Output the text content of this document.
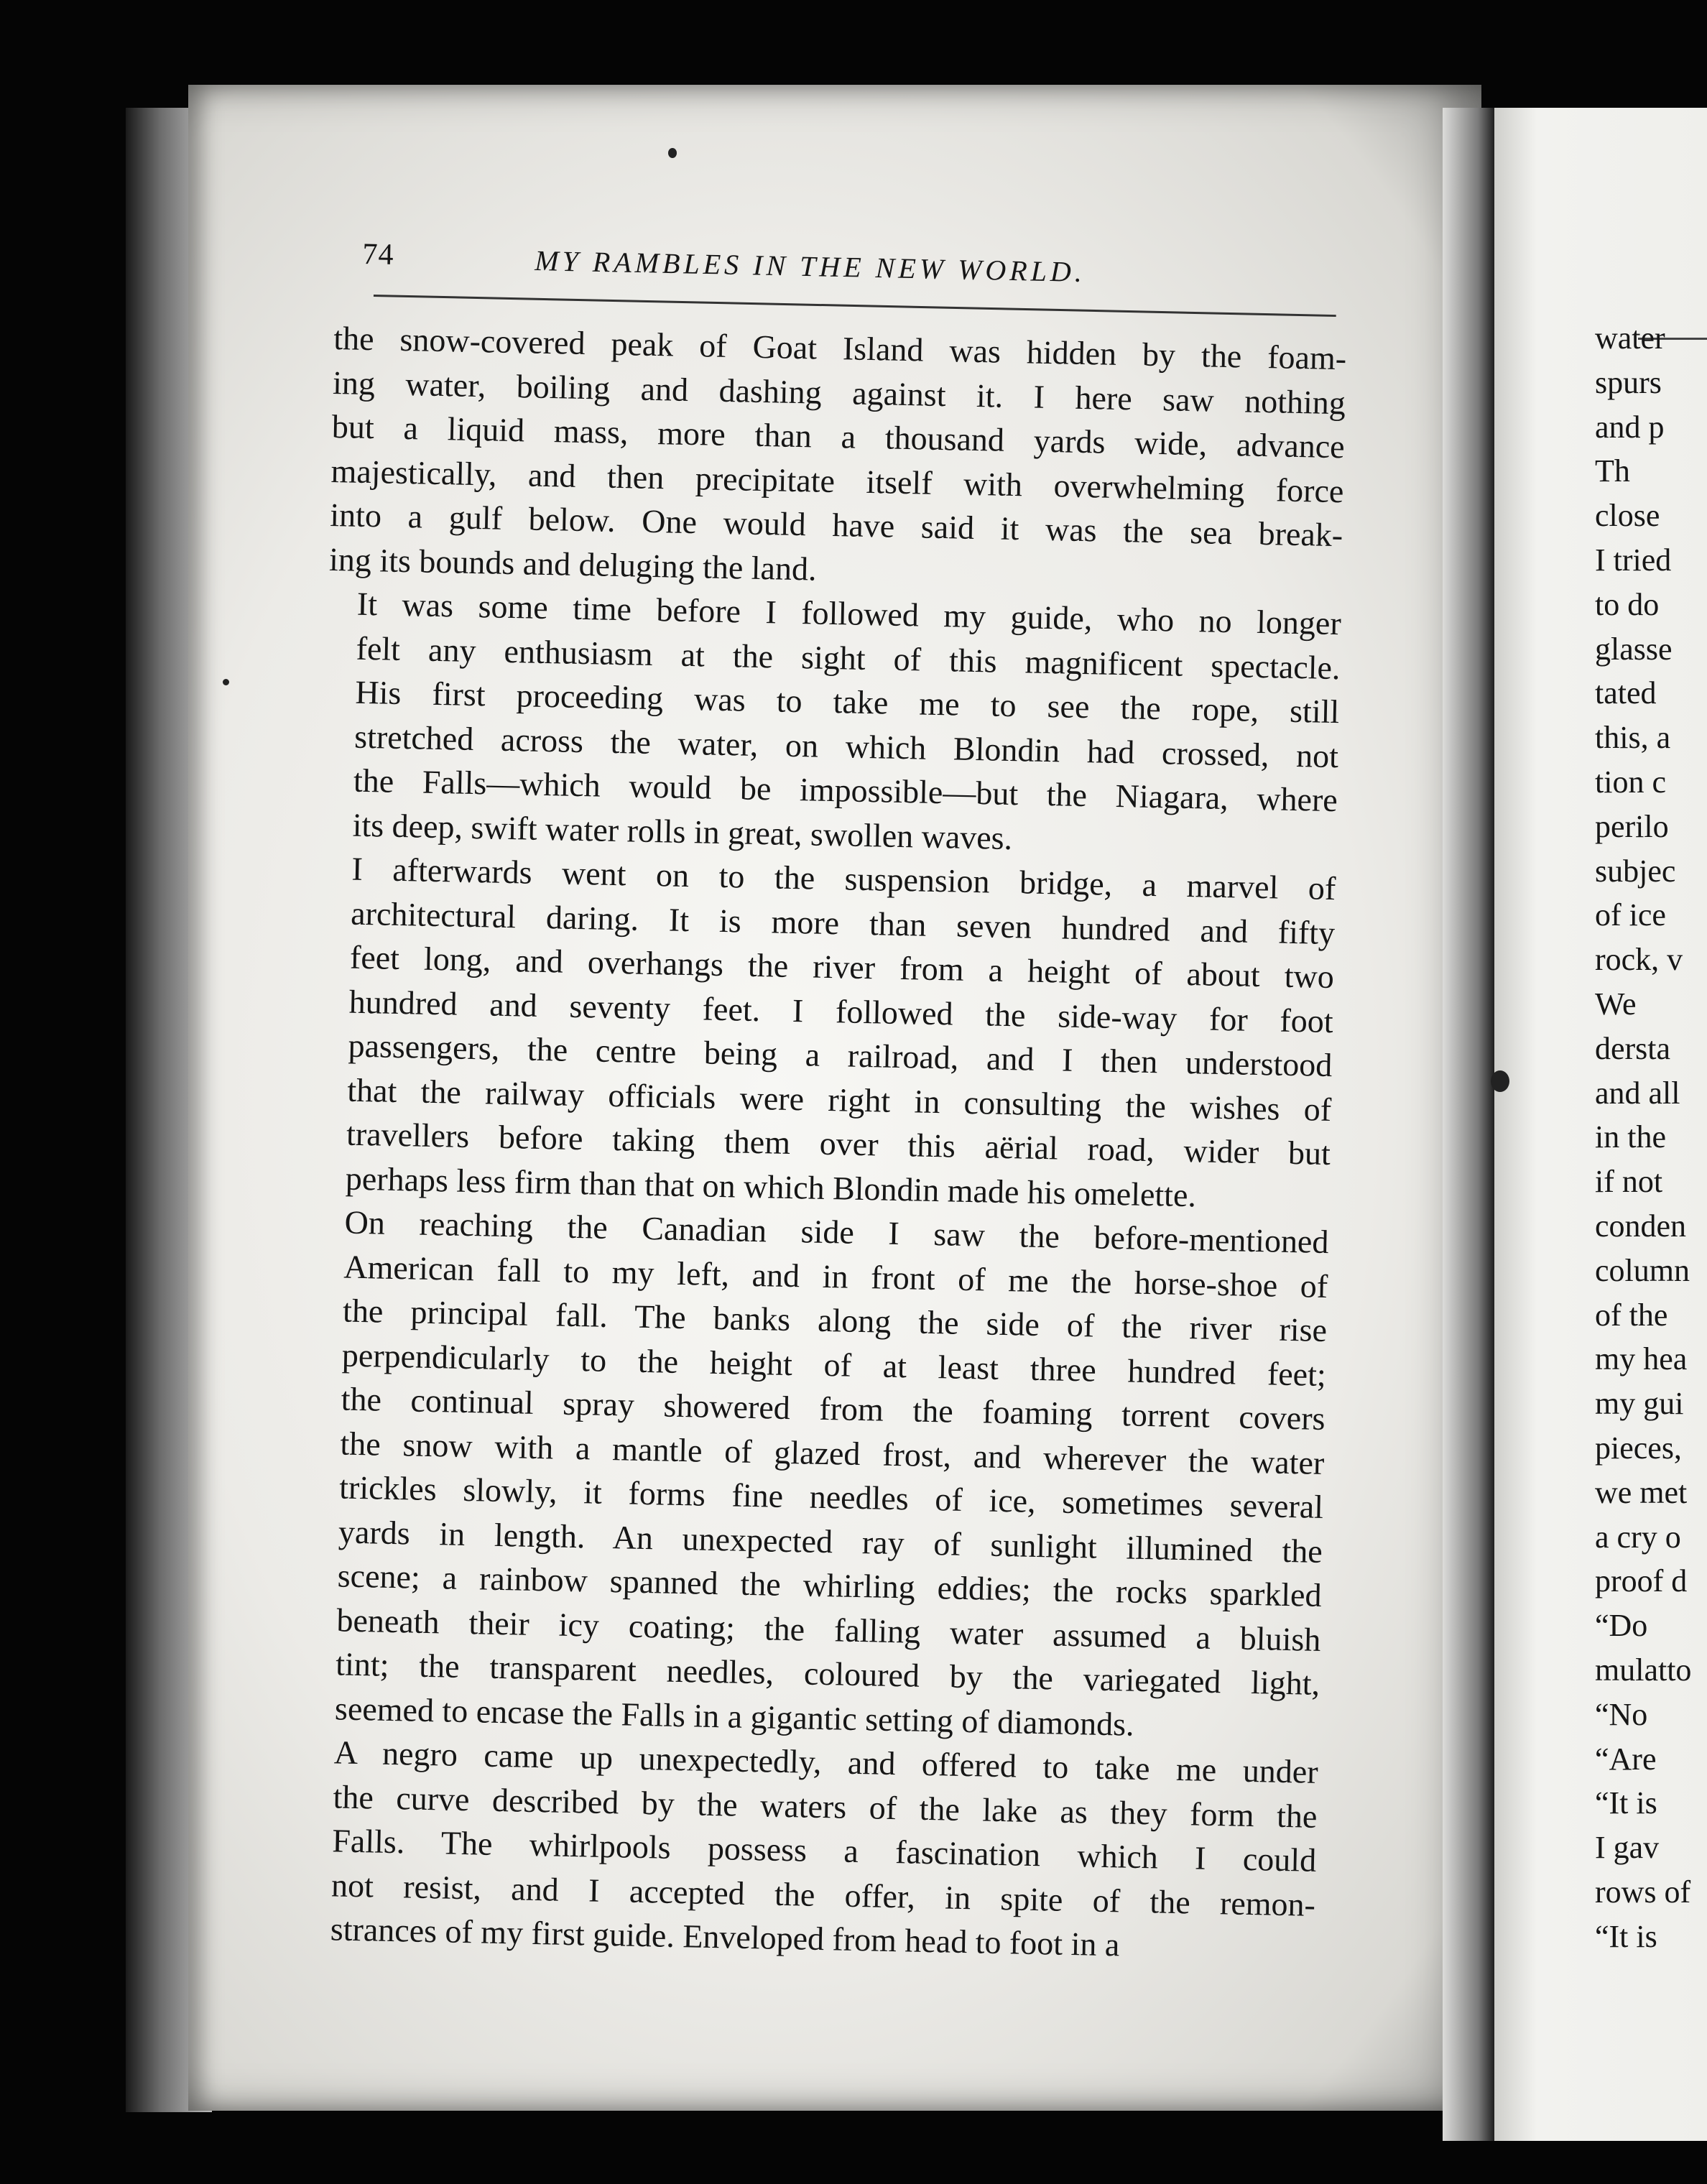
74	MY RAMBLES IN THE NEW WORLD.

the snow-covered peak of Goat Island was hidden by the foam-
ing water, boiling and dashing against it. I here saw nothing
but a liquid mass, more than a thousand yards wide, advance
majestically, and then precipitate itself with overwhelming force
into a gulf below. One would have said it was the sea break-
ing its bounds and deluging the land.

It was some time before I followed my guide, who no longer
felt any enthusiasm at the sight of this magnificent spectacle.
His first proceeding was to take me to see the rope, still
stretched across the water, on which Blondin had crossed, not
the Falls—which would be impossible—but the Niagara, where
its deep, swift water rolls in great, swollen waves.

I afterwards went on to the suspension bridge, a marvel of
architectural daring. It is more than seven hundred and fifty
feet long, and overhangs the river from a height of about two
hundred and seventy feet. I followed the side-way for foot
passengers, the centre being a railroad, and I then understood
that the railway officials were right in consulting the wishes of
travellers before taking them over this aërial road, wider but
perhaps less firm than that on which Blondin made his omelette.

On reaching the Canadian side I saw the before-mentioned
American fall to my left, and in front of me the horse-shoe of
the principal fall. The banks along the side of the river rise
perpendicularly to the height of at least three hundred feet;
the continual spray showered from the foaming torrent covers
the snow with a mantle of glazed frost, and wherever the water
trickles slowly, it forms fine needles of ice, sometimes several
yards in length. An unexpected ray of sunlight illumined the
scene; a rainbow spanned the whirling eddies; the rocks sparkled
beneath their icy coating; the falling water assumed a bluish
tint; the transparent needles, coloured by the variegated light,
seemed to encase the Falls in a gigantic setting of diamonds.

A negro came up unexpectedly, and offered to take me under
the curve described by the waters of the lake as they form the
Falls. The whirlpools possess a fascination which I could
not resist, and I accepted the offer, in spite of the remon-
strances of my first guide. Enveloped from head to foot in a

water
spurs
and p
Th
close
I tried
to do
glasse
tated
this, a
tion c
perilo
subjec
of ice
rock, v
We
dersta
and all
in the
if not
conden
column
of the
my hea
my gui
pieces,
we met
a cry o
proof d
“Do
mulatto
“No
“Are
“It is
I gav
rows of
“It is
